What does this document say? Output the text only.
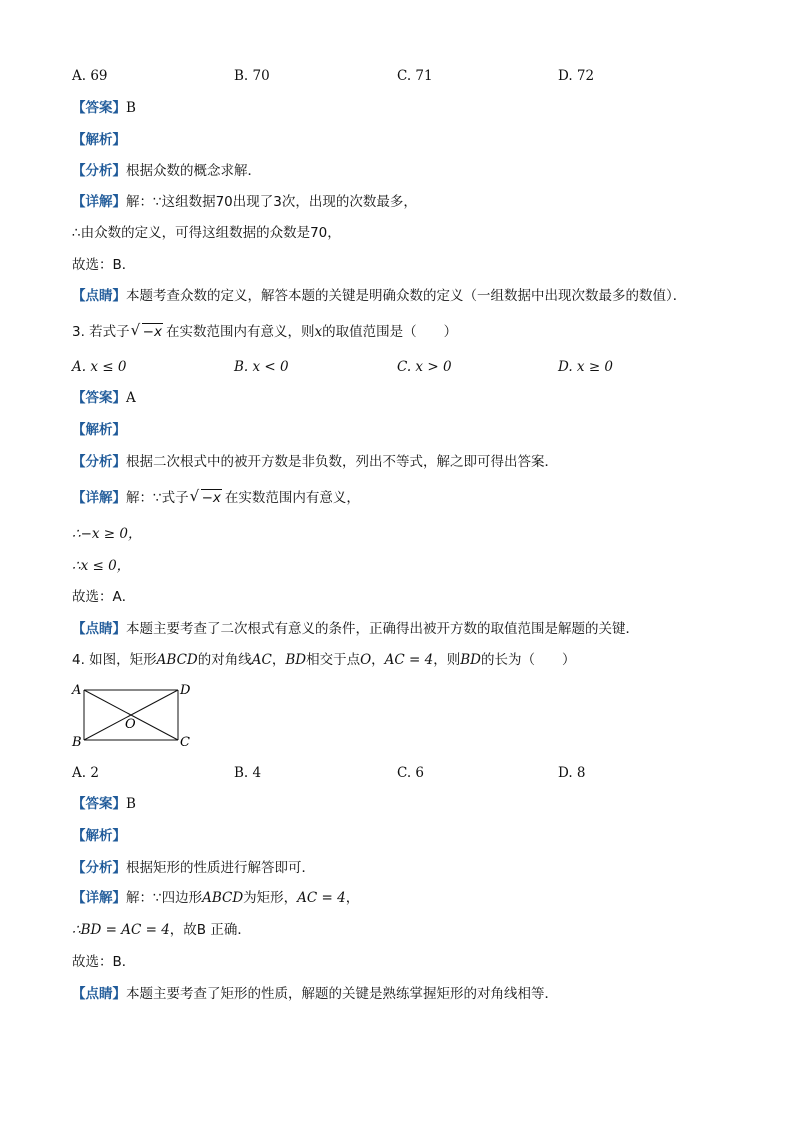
A. 69	B. 70	C. 71	D. 72
【答案】B
【解析】
【分析】根据众数的概念求解．
【详解】解：∵这组数据70出现了3次，出现的次数最多，
∴由众数的定义，可得这组数据的众数是70，
故选：B．
【点睛】本题考查众数的定义，解答本题的关键是明确众数的定义（一组数据中出现次数最多的数值）．
3. 若式子 √ −x 在实数范围内有意义，则x的取值范围是（　　）
A. x ≤ 0	B. x < 0	C. x > 0	D. x ≥ 0
【答案】A
【解析】
【分析】根据二次根式中的被开方数是非负数，列出不等式，解之即可得出答案．
【详解】解：∵式子 √ −x 在实数范围内有意义，
∴−x ≥ 0，
∴x ≤ 0，
故选：A．
【点睛】本题主要考查了二次根式有意义的条件，正确得出被开方数的取值范围是解题的关键．
4. 如图，矩形ABCD的对角线AC，BD相交于点O，AC = 4，则BD的长为（　　）
A	D
B	C
O
A. 2	B. 4	C. 6	D. 8
【答案】B
【解析】
【分析】根据矩形的性质进行解答即可．
【详解】解：∵四边形ABCD为矩形，AC = 4，
∴BD = AC = 4，故B 正确．
故选：B．
【点睛】本题主要考查了矩形的性质，解题的关键是熟练掌握矩形的对角线相等．
